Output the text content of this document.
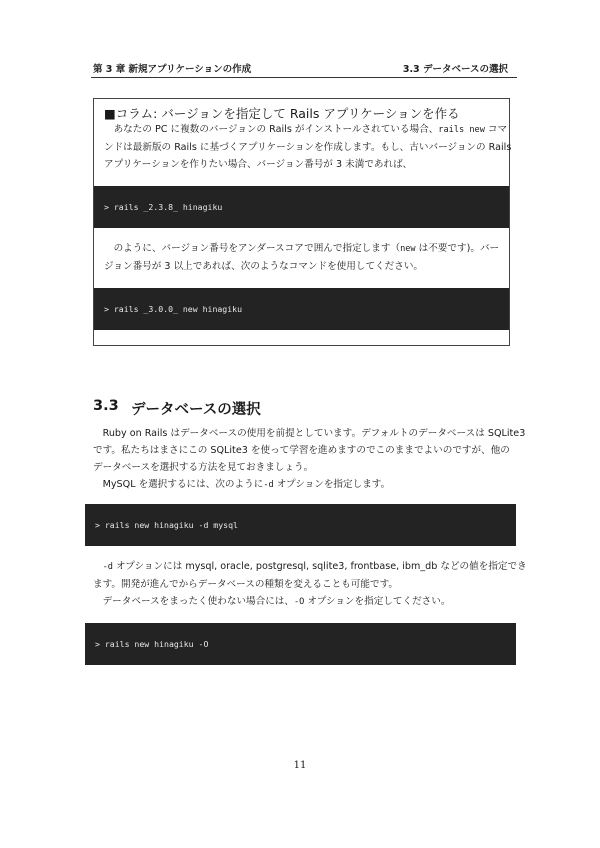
第 3 章 新規アプリケーションの作成	3.3 データベースの選択
■コラム: バージョンを指定して Rails アプリケーションを作る
　あなたの PC に複数のバージョンの Rails がインストールされている場合、rails new コマ
ンドは最新版の Rails に基づくアプリケーションを作成します。もし、古いバージョンの Rails
アプリケーションを作りたい場合、バージョン番号が 3 未満であれば、
> rails _2.3.8_ hinagiku
　のように、バージョン番号をアンダースコアで囲んで指定します（new は不要です)。バー
ジョン番号が 3 以上であれば、次のようなコマンドを使用してください。
> rails _3.0.0_ new hinagiku
3.3 データベースの選択
　Ruby on Rails はデータベースの使用を前提としています。デフォルトのデータベースは SQLite3
です。私たちはまさにこの SQLite3 を使って学習を進めますのでこのままでよいのですが、他の
データベースを選択する方法を見ておきましょう。
　MySQL を選択するには、次のように-d オプションを指定します。
> rails new hinagiku -d mysql
　-d オプションには mysql, oracle, postgresql, sqlite3, frontbase, ibm_db などの値を指定でき
ます。開発が進んでからデータベースの種類を変えることも可能です。
　データベースをまったく使わない場合には、-O オプションを指定してください。
> rails new hinagiku -O
11
